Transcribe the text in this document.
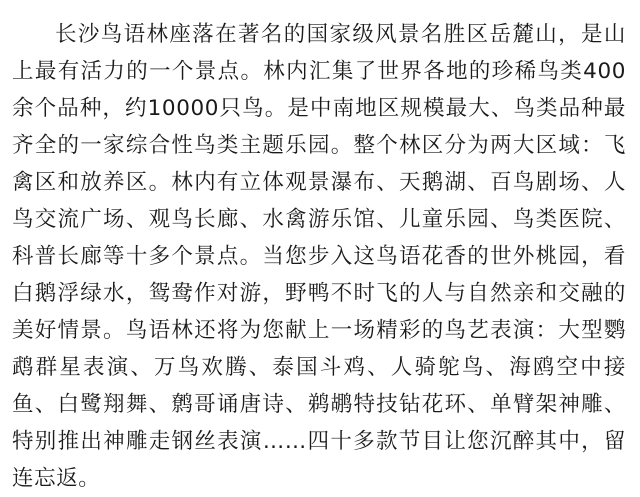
长沙鸟语林座落在著名的国家级风景名胜区岳麓山，是山上最有活力的一个景点。林内汇集了世界各地的珍稀鸟类400余个品种，约10000只鸟。是中南地区规模最大、鸟类品种最齐全的一家综合性鸟类主题乐园。整个林区分为两大区域：飞禽区和放养区。林内有立体观景瀑布、天鹅湖、百鸟剧场、人鸟交流广场、观鸟长廊、水禽游乐馆、儿童乐园、鸟类医院、科普长廊等十多个景点。当您步入这鸟语花香的世外桃园，看白鹅浮绿水，鸳鸯作对游，野鸭不时飞的人与自然亲和交融的美好情景。鸟语林还将为您献上一场精彩的鸟艺表演：大型鹦鹉群星表演、万鸟欢腾、泰国斗鸡、人骑鸵鸟、海鸥空中接鱼、白鹭翔舞、鹩哥诵唐诗、鹈鹕特技钻花环、单臂架神雕、特别推出神雕走钢丝表演……四十多款节目让您沉醉其中，留连忘返。
